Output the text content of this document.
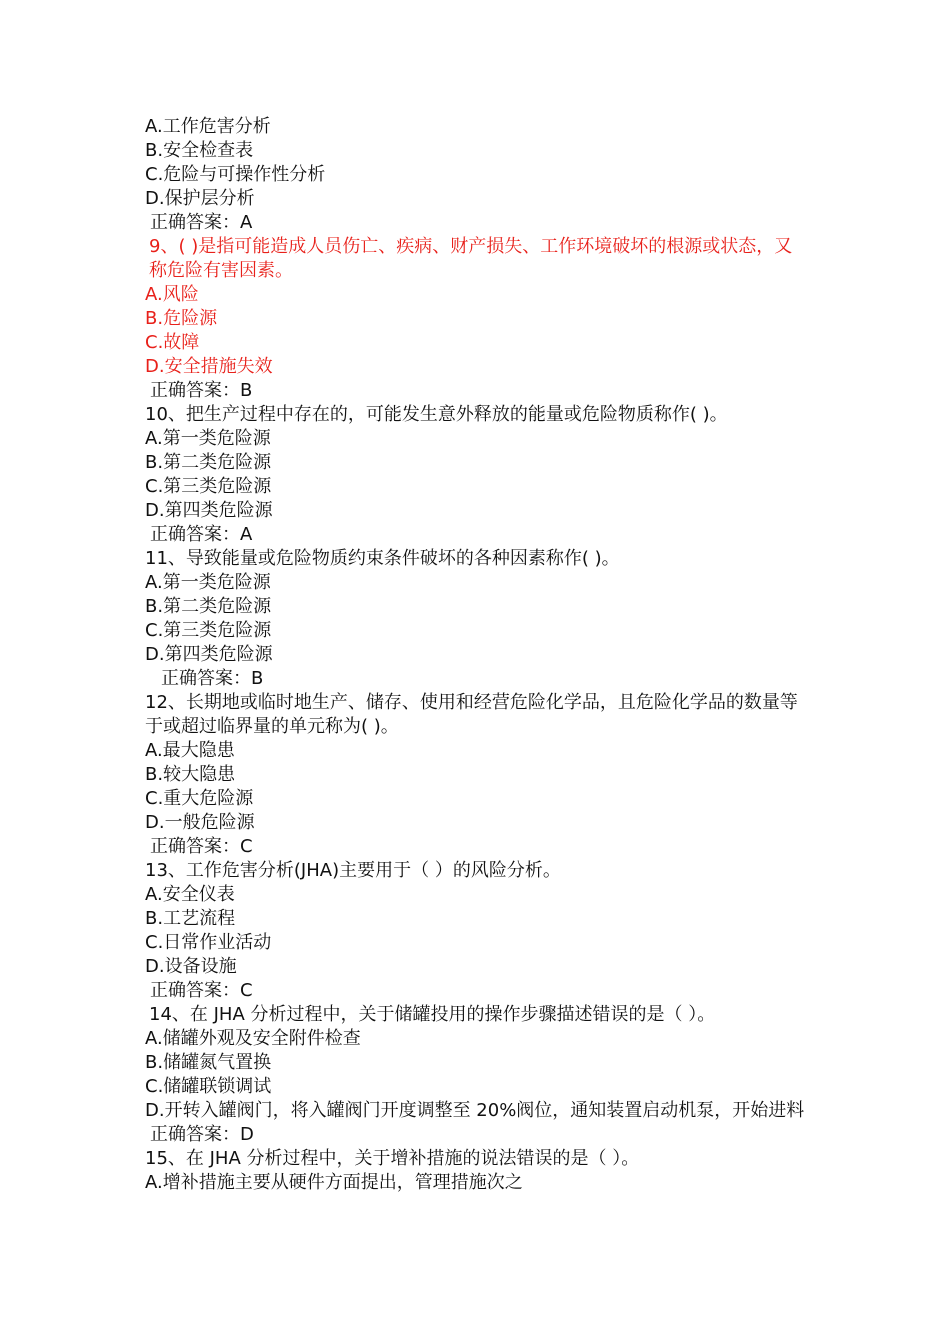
A.工作危害分析
B.安全检查表
C.危险与可操作性分析
D.保护层分析
正确答案：A
9、( )是指可能造成人员伤亡、疾病、财产损失、工作环境破坏的根源或状态，又称危险有害因素。
A.风险
B.危险源
C.故障
D.安全措施失效
正确答案：B
10、把生产过程中存在的，可能发生意外释放的能量或危险物质称作( )。
A.第一类危险源
B.第二类危险源
C.第三类危险源
D.第四类危险源
正确答案：A
11、导致能量或危险物质约束条件破坏的各种因素称作( )。
A.第一类危险源
B.第二类危险源
C.第三类危险源
D.第四类危险源
正确答案：B
12、长期地或临时地生产、储存、使用和经营危险化学品，且危险化学品的数量等于或超过临界量的单元称为( )。
A.最大隐患
B.较大隐患
C.重大危险源
D.一般危险源
正确答案：C
13、工作危害分析(JHA)主要用于（ ）的风险分析。
A.安全仪表
B.工艺流程
C.日常作业活动
D.设备设施
正确答案：C
14、在 JHA 分析过程中，关于储罐投用的操作步骤描述错误的是（ ）。
A.储罐外观及安全附件检查
B.储罐氮气置换
C.储罐联锁调试
D.开转入罐阀门，将入罐阀门开度调整至 20%阀位，通知装置启动机泵，开始进料
正确答案：D
15、在 JHA 分析过程中，关于增补措施的说法错误的是（ ）。
A.增补措施主要从硬件方面提出，管理措施次之
